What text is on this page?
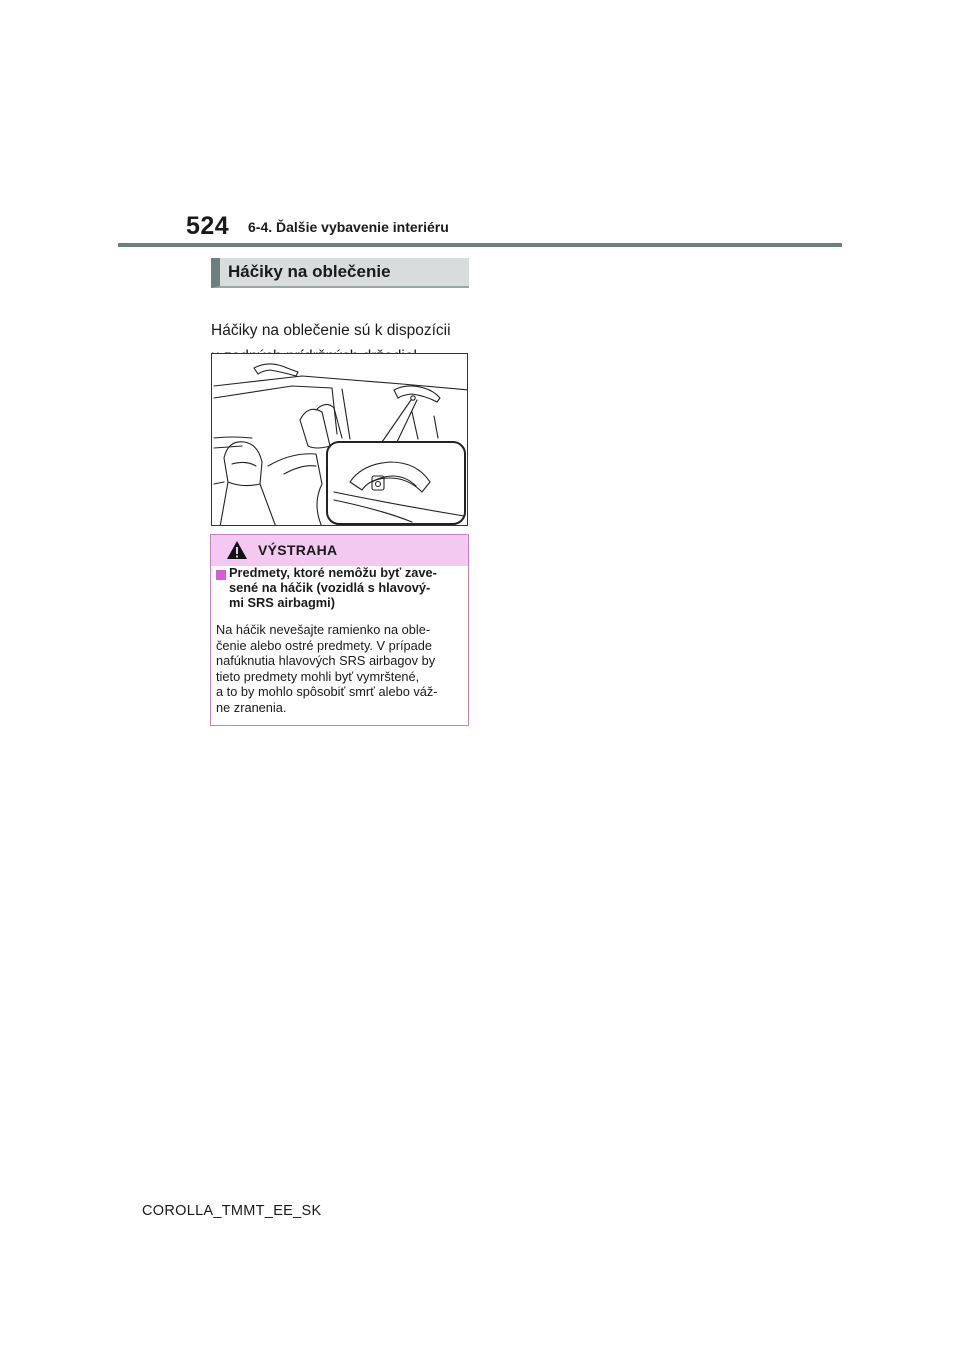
524 6-4. Ďalšie vybavenie interiéru
Háčiky na oblečenie
Háčiky na oblečenie sú k dispozícii
VÝSTRAHA
Predmety, ktoré nemôžu byť zave-
sené na háčik (vozidlá s hlavový-
mi SRS airbagmi)
Na háčik nevešajte ramienko na oble-
čenie alebo ostré predmety. V prípade
nafúknutia hlavových SRS airbagov by
tieto predmety mohli byť vymrštené,
a to by mohlo spôsobiť smrť alebo váž-
ne zranenia.
COROLLA_TMMT_EE_SK
